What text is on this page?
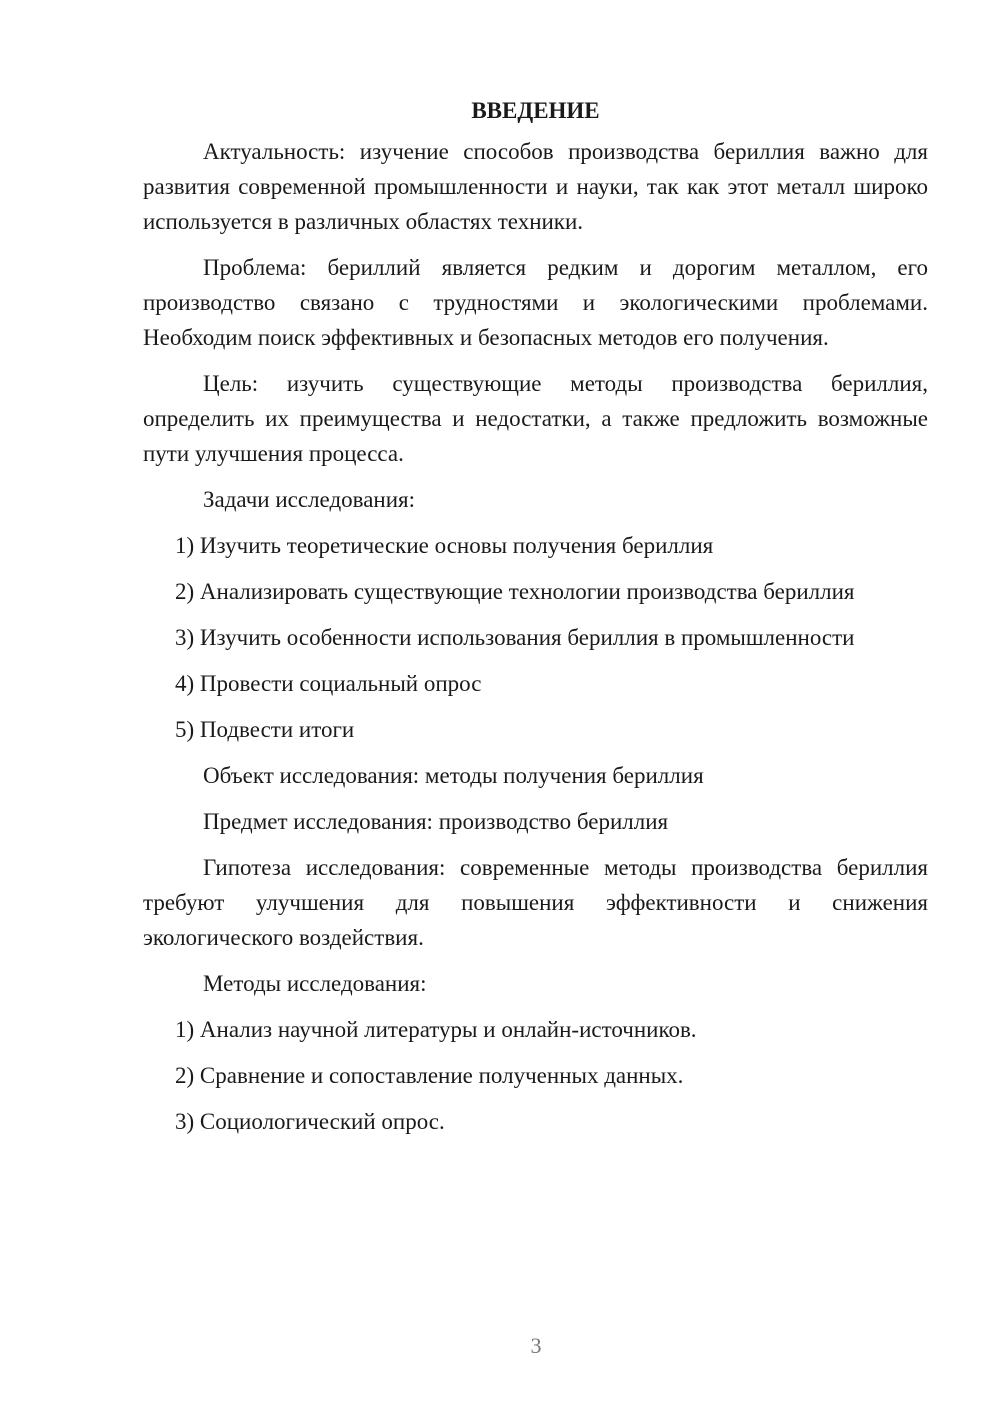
ВВЕДЕНИЕ

Актуальность: изучение способов производства бериллия важно для развития современной промышленности и науки, так как этот металл широко используется в различных областях техники.

Проблема: бериллий является редким и дорогим металлом, его производство связано с трудностями и экологическими проблемами. Необходим поиск эффективных и безопасных методов его получения.

Цель: изучить существующие методы производства бериллия, определить их преимущества и недостатки, а также предложить возможные пути улучшения процесса.

Задачи исследования:

1) Изучить теоретические основы получения бериллия
2) Анализировать существующие технологии производства бериллия
3) Изучить особенности использования бериллия в промышленности
4) Провести социальный опрос
5) Подвести итоги

Объект исследования: методы получения бериллия

Предмет исследования: производство бериллия

Гипотеза исследования: современные методы производства бериллия требуют улучшения для повышения эффективности и снижения экологического воздействия.

Методы исследования:

1) Анализ научной литературы и онлайн-источников.
2) Сравнение и сопоставление полученных данных.
3) Социологический опрос.
3
